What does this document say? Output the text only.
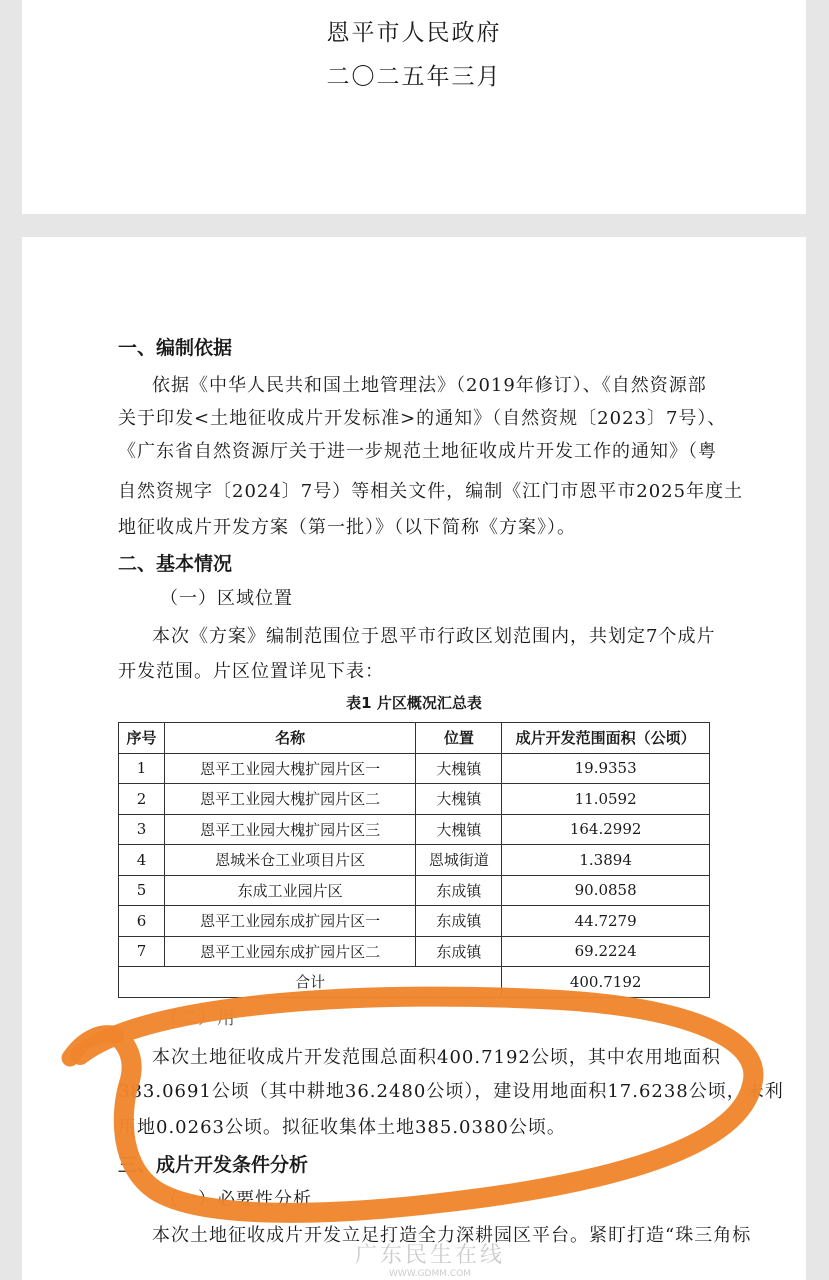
恩平市人民政府
二〇二五年三月
一、编制依据
依据《中华人民共和国土地管理法》（2019年修订）、《自然资源部
关于印发<土地征收成片开发标准>的通知》（自然资规〔2023〕7号）、
《广东省自然资源厅关于进一步规范土地征收成片开发工作的通知》（粤
自然资规字〔2024〕7号）等相关文件，编制《江门市恩平市2025年度土
地征收成片开发方案（第一批）》（以下简称《方案》）。
二、基本情况
（一）区域位置
本次《方案》编制范围位于恩平市行政区划范围内，共划定7个成片
开发范围。片区位置详见下表：
表1 片区概况汇总表
序号	名称	位置	成片开发范围面积（公顷）
1	恩平工业园大槐扩园片区一	大槐镇	19.9353
2	恩平工业园大槐扩园片区二	大槐镇	11.0592
3	恩平工业园大槐扩园片区三	大槐镇	164.2992
4	恩城米仓工业项目片区	恩城街道	1.3894
5	东成工业园片区	东成镇	90.0858
6	恩平工业园东成扩园片区一	东成镇	44.7279
7	恩平工业园东成扩园片区二	东成镇	69.2224
合计			400.7192
（二）用
本次土地征收成片开发范围总面积400.7192公顷，其中农用地面积
383.0691公顷（其中耕地36.2480公顷），建设用地面积17.6238公顷，未利
用地0.0263公顷。拟征收集体土地385.0380公顷。
三、成片开发条件分析
（一）必要性分析
本次土地征收成片开发立足打造全力深耕园区平台。紧盯打造“珠三角标
广东民生在线
WWW.GDMM.COM
